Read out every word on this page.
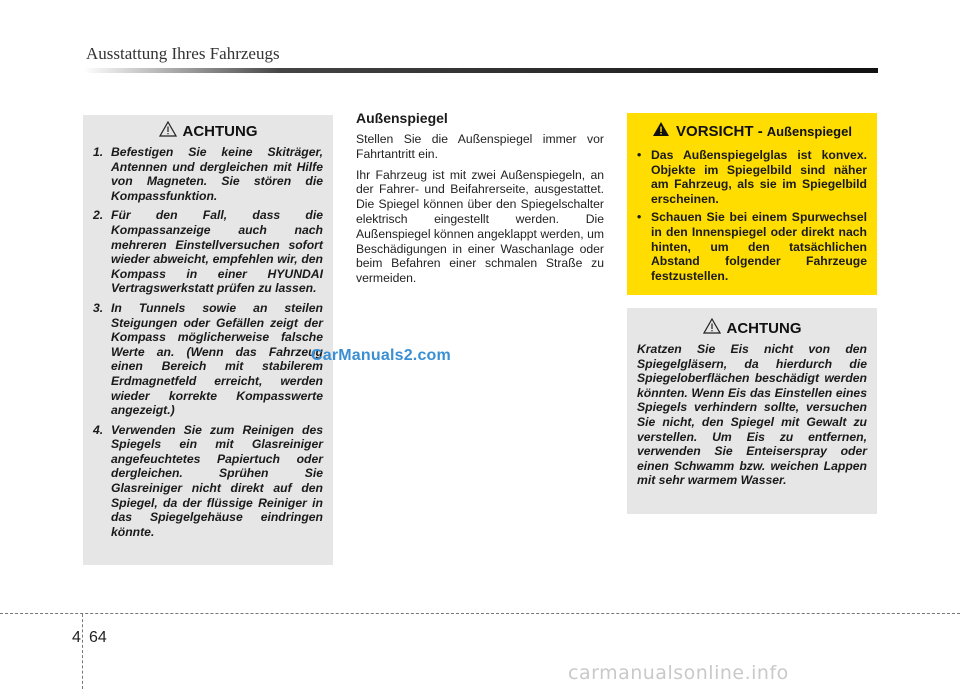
Ausstattung Ihres Fahrzeugs
ACHTUNG
1. Befestigen Sie keine Skiträger, Antennen und dergleichen mit Hilfe von Magneten. Sie stören die Kompassfunktion.
2. Für den Fall, dass die Kompassanzeige auch nach mehreren Einstellversuchen sofort wieder abweicht, empfehlen wir, den Kompass in einer HYUNDAI Vertragswerkstatt prüfen zu lassen.
3. In Tunnels sowie an steilen Steigungen oder Gefällen zeigt der Kompass möglicherweise falsche Werte an. (Wenn das Fahrzeug einen Bereich mit stabilerem Erdmagnetfeld erreicht, werden wieder korrekte Kompasswerte angezeigt.)
4. Verwenden Sie zum Reinigen des Spiegels ein mit Glasreiniger angefeuchtetes Papiertuch oder dergleichen. Sprühen Sie Glasreiniger nicht direkt auf den Spiegel, da der flüssige Reiniger in das Spiegelgehäuse eindringen könnte.
Außenspiegel

Stellen Sie die Außenspiegel immer vor Fahrtantritt ein.

Ihr Fahrzeug ist mit zwei Außenspiegeln, an der Fahrer- und Beifahrerseite, ausgestattet. Die Spiegel können über den Spiegelschalter elektrisch eingestellt werden. Die Außenspiegel können angeklappt werden, um Beschädigungen in einer Waschanlage oder beim Befahren einer schmalen Straße zu vermeiden.

VORSICHT - Außenspiegel
• Das Außenspiegelglas ist konvex. Objekte im Spiegelbild sind näher am Fahrzeug, als sie im Spiegelbild erscheinen.
• Schauen Sie bei einem Spurwechsel in den Innenspiegel oder direkt nach hinten, um den tatsächlichen Abstand folgender Fahrzeuge festzustellen.
ACHTUNG

Kratzen Sie Eis nicht von den Spiegelgläsern, da hierdurch die Spiegeloberflächen beschädigt werden könnten. Wenn Eis das Einstellen eines Spiegels verhindern sollte, versuchen Sie nicht, den Spiegel mit Gewalt zu verstellen. Um Eis zu entfernen, verwenden Sie Enteiserspray oder einen Schwamm bzw. weichen Lappen mit sehr warmem Wasser.

CarManuals2.com
4 64
carmanualsonline.info
